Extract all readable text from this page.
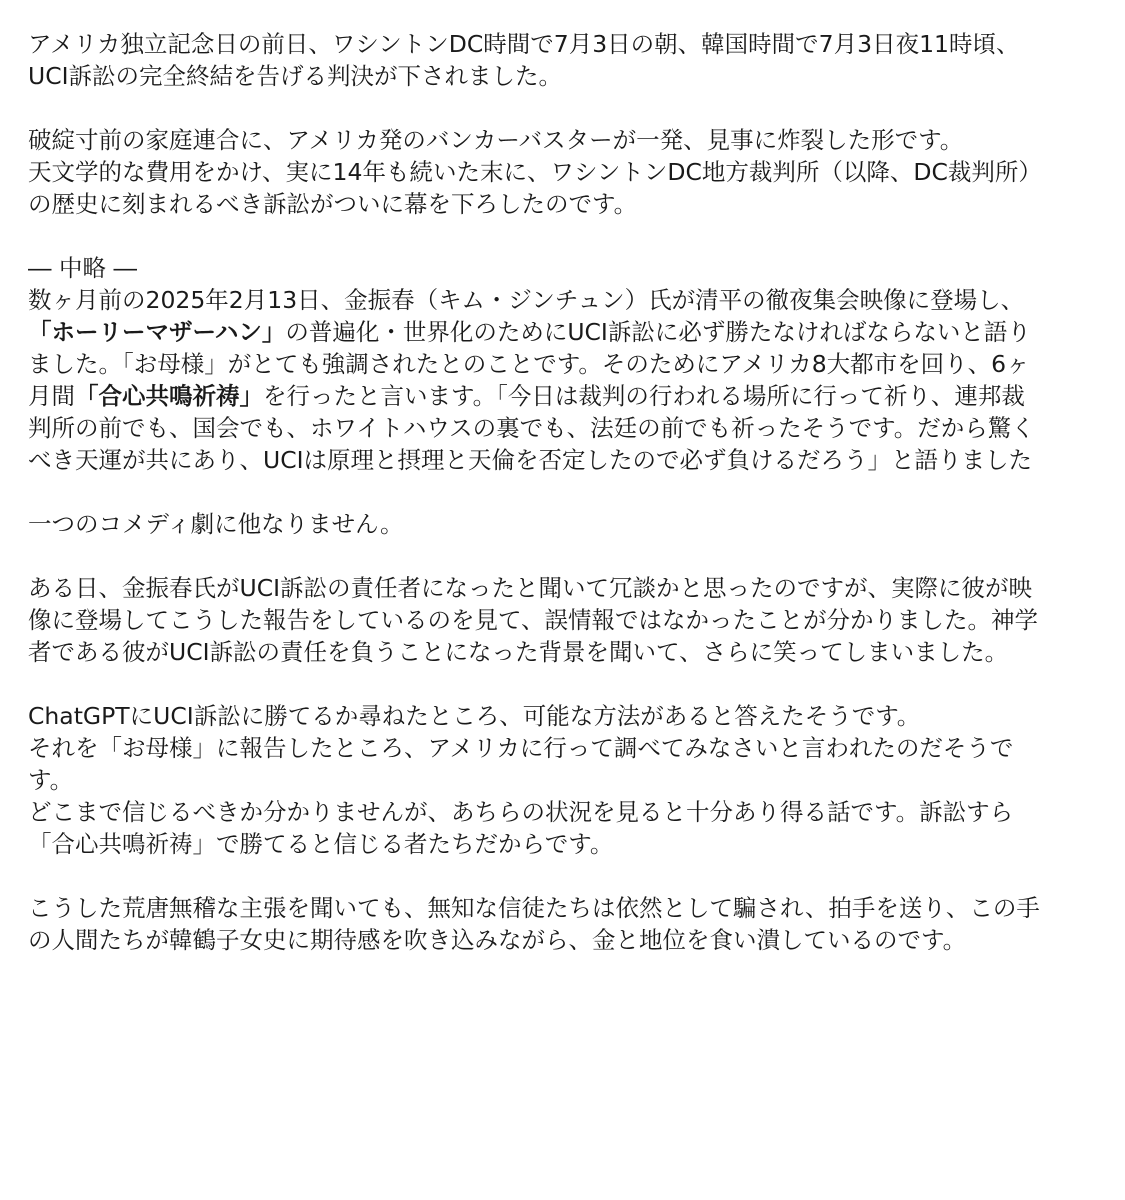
アメリカ独立記念日の前日、ワシントンDC時間で7月3日の朝、韓国時間で7月3日夜11時頃、
UCI訴訟の完全終結を告げる判決が下されました。
破綻寸前の家庭連合に、アメリカ発のバンカーバスターが一発、見事に炸裂した形です。
天文学的な費用をかけ、実に14年も続いた末に、ワシントンDC地方裁判所（以降、DC裁判所）
の歴史に刻まれるべき訴訟がついに幕を下ろしたのです。
― 中略 ―
数ヶ月前の2025年2月13日、金振春（キム・ジンチュン）氏が清平の徹夜集会映像に登場し、
「ホーリーマザーハン」の普遍化・世界化のためにUCI訴訟に必ず勝たなければならないと語り
ました。「お母様」がとても強調されたとのことです。そのためにアメリカ8大都市を回り、6ヶ
月間「合心共鳴祈祷」を行ったと言います。「今日は裁判の行われる場所に行って祈り、連邦裁
判所の前でも、国会でも、ホワイトハウスの裏でも、法廷の前でも祈ったそうです。だから驚く
べき天運が共にあり、UCIは原理と摂理と天倫を否定したので必ず負けるだろう」と語りました
一つのコメディ劇に他なりません。
ある日、金振春氏がUCI訴訟の責任者になったと聞いて冗談かと思ったのですが、実際に彼が映
像に登場してこうした報告をしているのを見て、誤情報ではなかったことが分かりました。神学
者である彼がUCI訴訟の責任を負うことになった背景を聞いて、さらに笑ってしまいました。
ChatGPTにUCI訴訟に勝てるか尋ねたところ、可能な方法があると答えたそうです。
それを「お母様」に報告したところ、アメリカに行って調べてみなさいと言われたのだそうで
す。
どこまで信じるべきか分かりませんが、あちらの状況を見ると十分あり得る話です。訴訟すら
「合心共鳴祈祷」で勝てると信じる者たちだからです。
こうした荒唐無稽な主張を聞いても、無知な信徒たちは依然として騙され、拍手を送り、この手
の人間たちが韓鶴子女史に期待感を吹き込みながら、金と地位を食い潰しているのです。
